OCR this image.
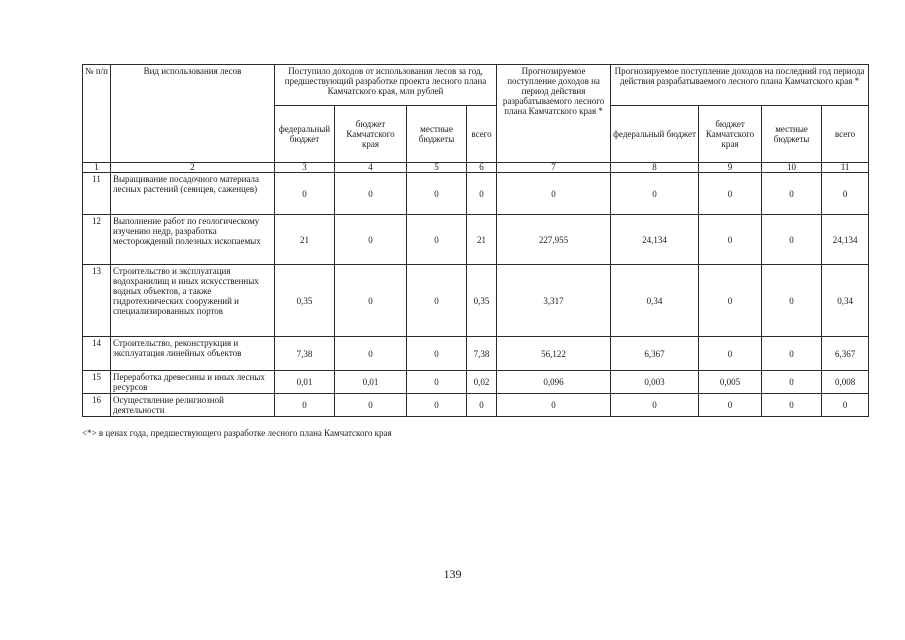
№ п/п	Вид использования лесов	Поступило доходов от использования лесов за год, предшествующий разработке проекта лесного плана Камчатского края, млн рублей				Прогнозируемое поступление доходов на период действия разрабатываемого лесного плана Камчатского края *	Прогнозируемое поступление доходов на последний год периода действия разрабатываемого лесного плана Камчатского края *			
		федеральный бюджет	бюджет Камчатского края	местные бюджеты	всего		федеральный бюджет	бюджет Камчатского края	местные бюджеты	всего
1	2	3	4	5	6	7	8	9	10	11
11	Выращивание посадочного материала лесных растений (сеянцев, саженцев)	0	0	0	0	0	0	0	0	0
12	Выполнение работ по геологическому изучению недр, разработка месторождений полезных ископаемых	21	0	0	21	227,955	24,134	0	0	24,134
13	Строительство и эксплуатация водохранилищ и иных искусственных водных объектов, а также гидротехнических сооружений и специализированных портов	0,35	0	0	0,35	3,317	0,34	0	0	0,34
14	Строительство, реконструкция и эксплуатация линейных объектов	7,38	0	0	7,38	56,122	6,367	0	0	6,367
15	Переработка древесины и иных лесных ресурсов	0,01	0,01	0	0,02	0,096	0,003	0,005	0	0,008
16	Осуществление религиозной деятельности	0	0	0	0	0	0	0	0	0
<*> в ценах года, предшествующего разработке лесного плана Камчатского края
139
